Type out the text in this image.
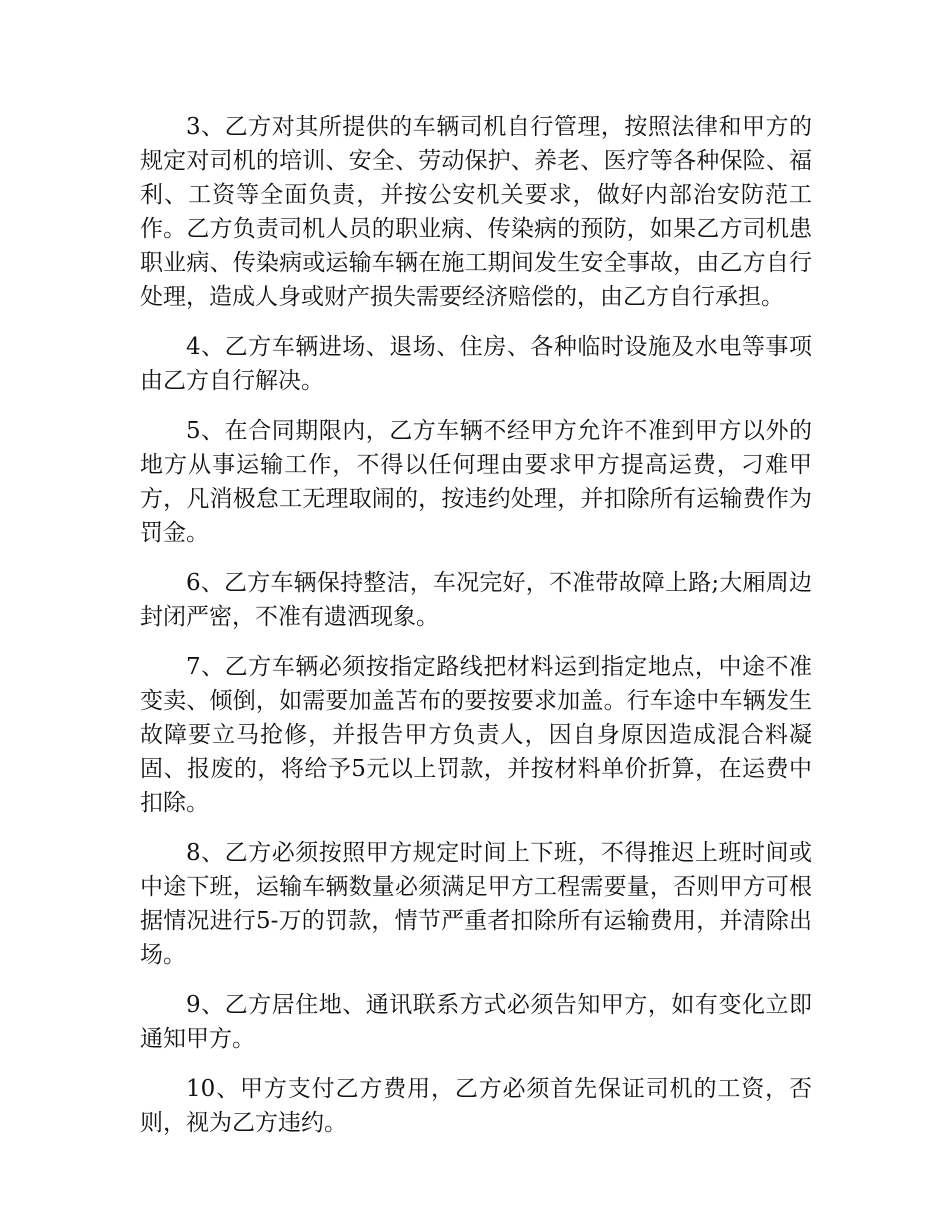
3、乙方对其所提供的车辆司机自行管理，按照法律和甲方的规定对司机的培训、安全、劳动保护、养老、医疗等各种保险、福利、工资等全面负责，并按公安机关要求，做好内部治安防范工作。乙方负责司机人员的职业病、传染病的预防，如果乙方司机患职业病、传染病或运输车辆在施工期间发生安全事故，由乙方自行处理，造成人身或财产损失需要经济赔偿的，由乙方自行承担。

4、乙方车辆进场、退场、住房、各种临时设施及水电等事项由乙方自行解决。

5、在合同期限内，乙方车辆不经甲方允许不准到甲方以外的地方从事运输工作，不得以任何理由要求甲方提高运费，刁难甲方，凡消极怠工无理取闹的，按违约处理，并扣除所有运输费作为罚金。

6、乙方车辆保持整洁，车况完好，不准带故障上路;大厢周边封闭严密，不准有遗洒现象。

7、乙方车辆必须按指定路线把材料运到指定地点，中途不准变卖、倾倒，如需要加盖苫布的要按要求加盖。行车途中车辆发生故障要立马抢修，并报告甲方负责人，因自身原因造成混合料凝固、报废的，将给予5元以上罚款，并按材料单价折算，在运费中扣除。

8、乙方必须按照甲方规定时间上下班，不得推迟上班时间或中途下班，运输车辆数量必须满足甲方工程需要量，否则甲方可根据情况进行5-万的罚款，情节严重者扣除所有运输费用，并清除出场。

9、乙方居住地、通讯联系方式必须告知甲方，如有变化立即通知甲方。

10、甲方支付乙方费用，乙方必须首先保证司机的工资，否则，视为乙方违约。
